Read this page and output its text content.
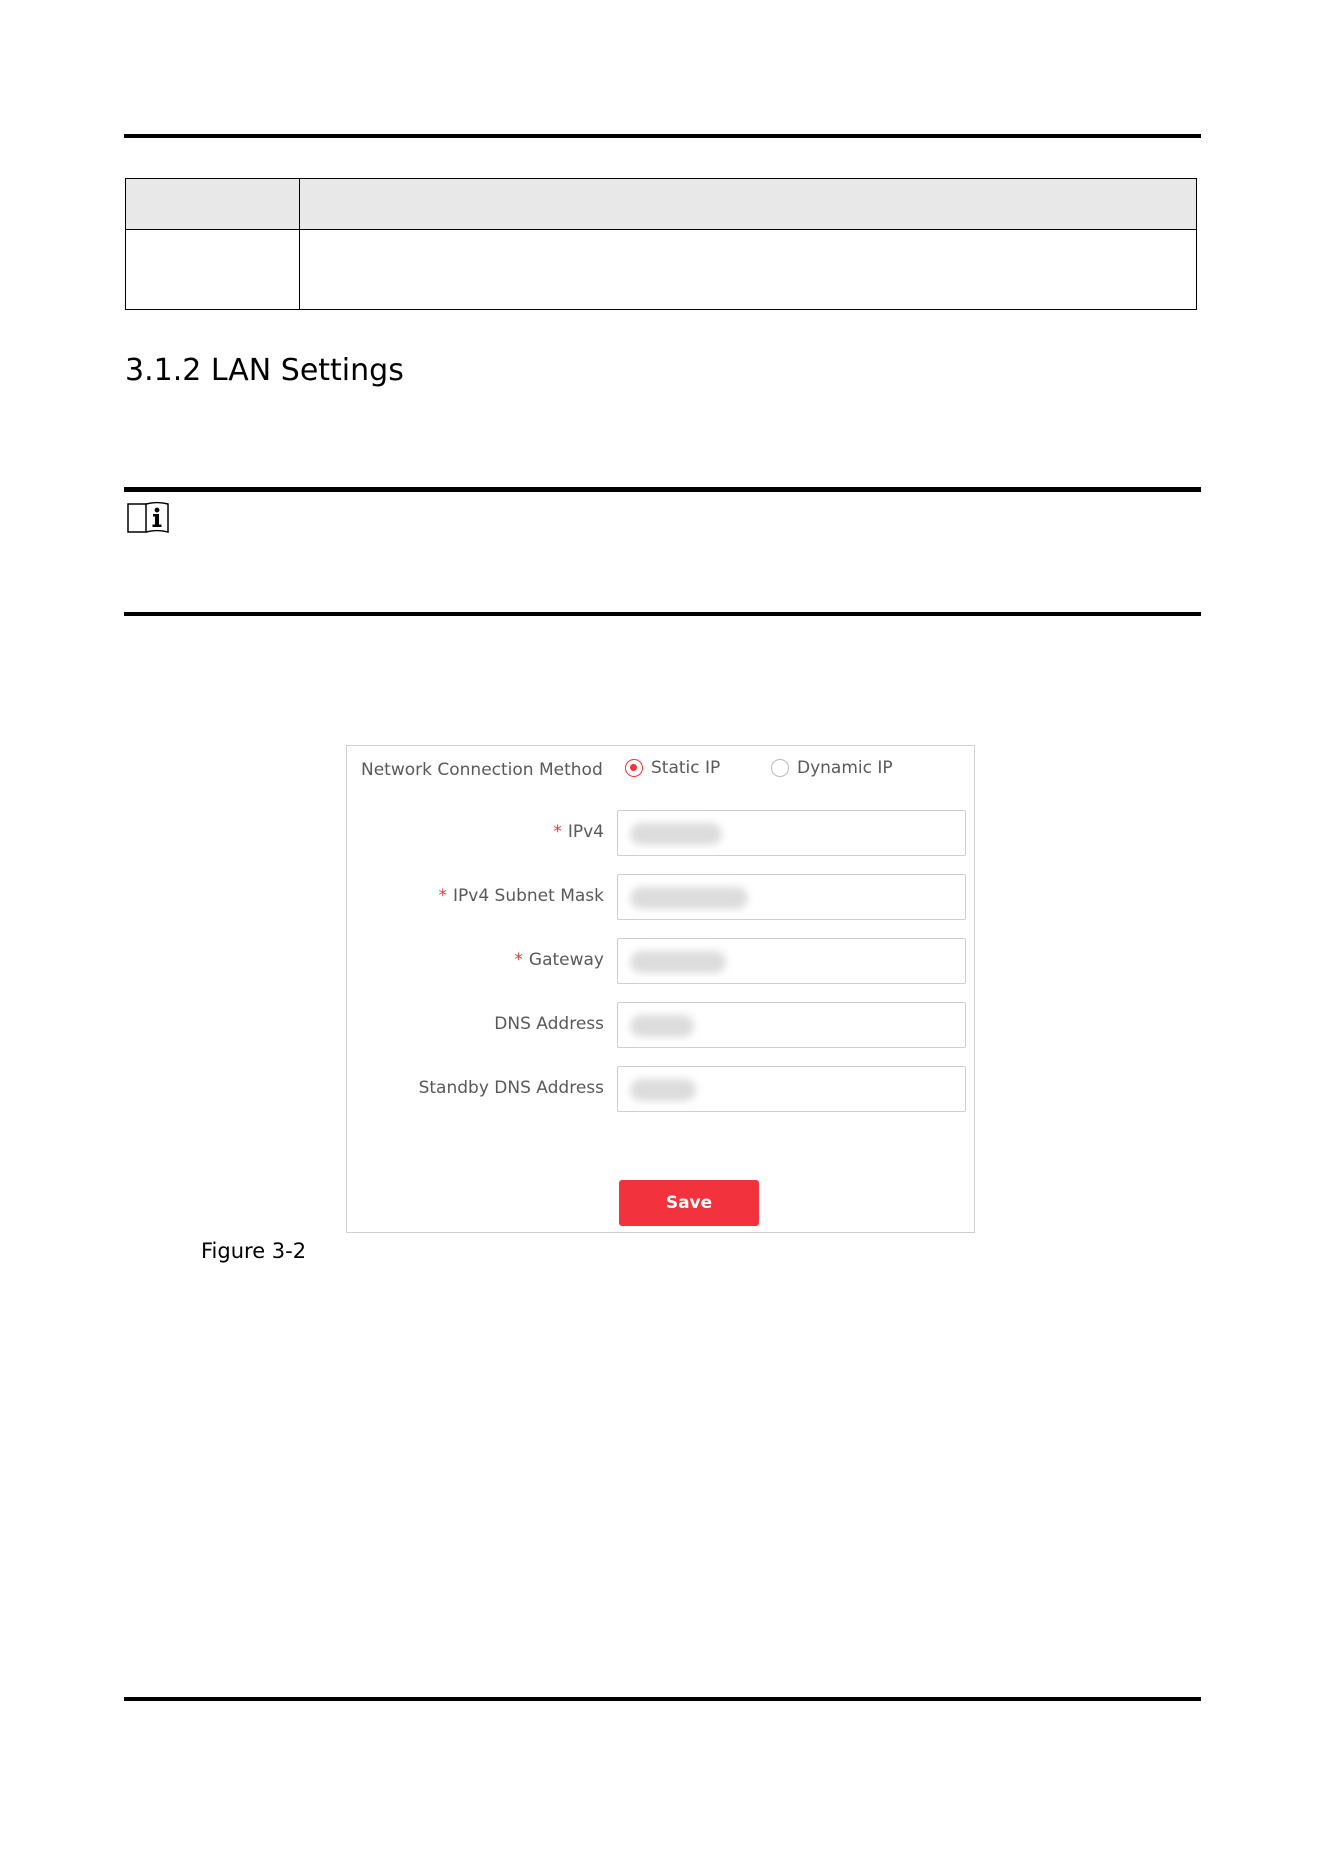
3.1.2 LAN Settings
Network Connection Method	Static IP	Dynamic IP
* IPv4
* IPv4 Subnet Mask
* Gateway
DNS Address
Standby DNS Address
Save

Figure 3-2
